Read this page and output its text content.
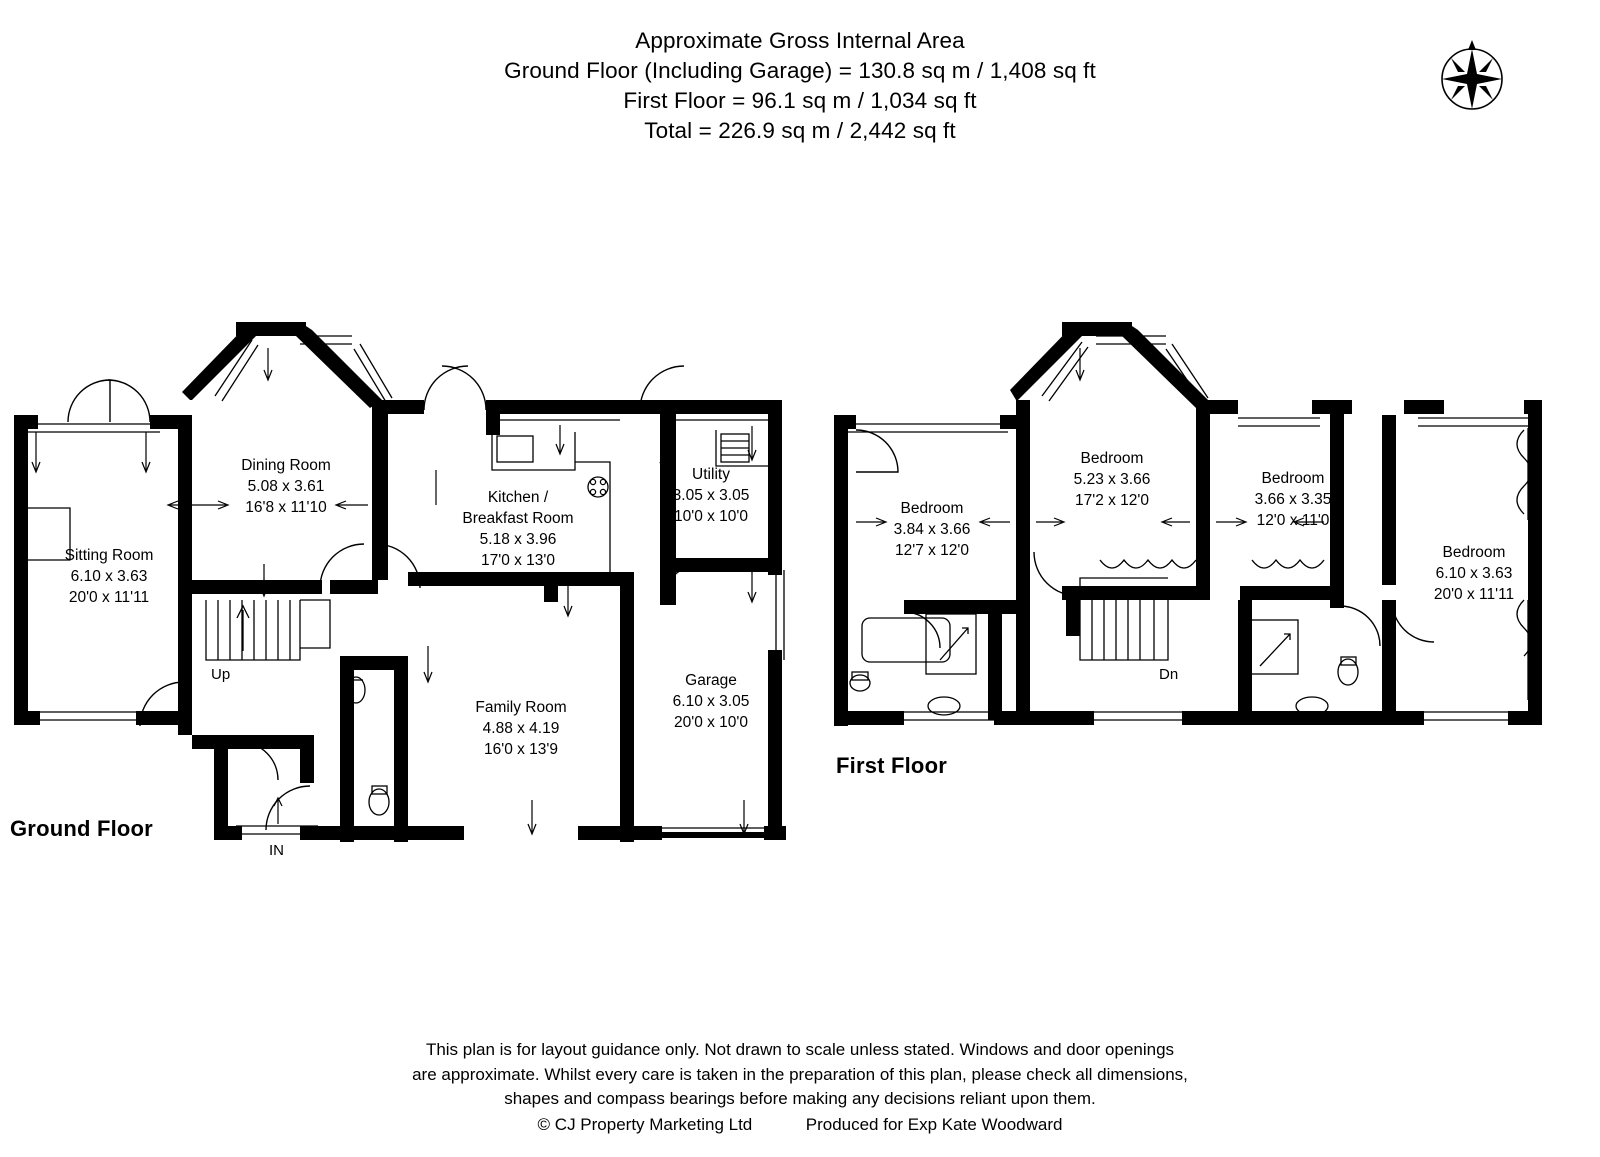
Approximate Gross Internal Area
Ground Floor (Including Garage) = 130.8 sq m / 1,408 sq ft
First Floor = 96.1 sq m / 1,034 sq ft
Total = 226.9 sq m / 2,442 sq ft
Ground Floor
First Floor
Sitting Room
6.10 x 3.63
20'0 x 11'11
Dining Room
5.08 x 3.61
16'8 x 11'10
Kitchen /
Breakfast Room
5.18 x 3.96
17'0 x 13'0
Utility
3.05 x 3.05
10'0 x 10'0
Family Room
4.88 x 4.19
16'0 x 13'9
Garage
6.10 x 3.05
20'0 x 10'0
Up
IN
Bedroom
3.84 x 3.66
12'7 x 12'0
Bedroom
5.23 x 3.66
17'2 x 12'0
Bedroom
3.66 x 3.35
12'0 x 11'0
Bedroom
6.10 x 3.63
20'0 x 11'11
Dn
This plan is for layout guidance only. Not drawn to scale unless stated. Windows and door openings
are approximate. Whilst every care is taken in the preparation of this plan, please check all dimensions,
shapes and compass bearings before making any decisions reliant upon them.
© CJ Property Marketing Ltd	Produced for Exp Kate Woodward
